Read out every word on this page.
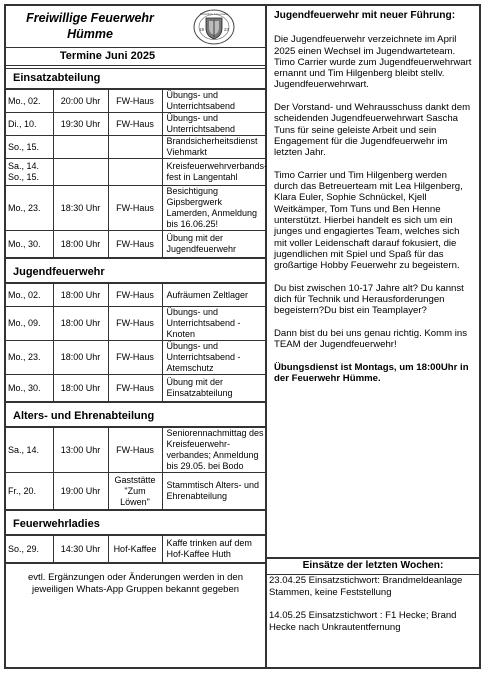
Freiwillige Feuerwehr
Hümme	19	23
Freiwillige Feuerwehr
Termine Juni 2025
Einsatzabteilung
Mo., 02.	20:00 Uhr	FW-Haus	Übungs- und Unterrichtsabend
Di., 10.	19:30 Uhr	FW-Haus	Übungs- und Unterrichtsabend
So., 15.			Brandsicherheitsdienst Viehmarkt
Sa., 14. So., 15.			Kreisfeuerwehrverbands-fest in Langentahl
Mo., 23.	18:30 Uhr	FW-Haus	Besichtigung Gipsbergwerk Lamerden, Anmeldung bis 16.06.25!
Mo., 30.	18:00 Uhr	FW-Haus	Übung mit der Jugendfeuerwehr
Jugendfeuerwehr
Mo., 02.	18:00 Uhr	FW-Haus	Aufräumen Zeltlager
Mo., 09.	18:00 Uhr	FW-Haus	Übungs- und Unterrichtsabend - Knoten
Mo., 23.	18:00 Uhr	FW-Haus	Übungs- und Unterrichtsabend - Atemschutz
Mo., 30.	18:00 Uhr	FW-Haus	Übung mit der Einsatzabteilung
Alters- und Ehrenabteilung
Sa., 14.	13:00 Uhr	FW-Haus	Seniorennachmittag des Kreisfeuerwehr-verbandes; Anmeldung bis 29.05. bei Bodo
Fr., 20.	19:00 Uhr	Gaststätte "Zum Löwen"	Stammtisch Alters- und Ehrenabteilung
Feuerwehrladies
So., 29.	14:30 Uhr	Hof-Kaffee	Kaffe trinken auf dem Hof-Kaffee Huth
evtl. Ergänzungen oder Änderungen werden in den jeweiligen Whats-App Gruppen bekannt gegeben
Jugendfeuerwehr mit neuer Führung:

Die Jugendfeuerwehr verzeichnete im April 2025 einen Wechsel im Jugendwarteteam. Timo Carrier wurde zum Jugendfeuerwehrwart ernannt und Tim Hilgenberg bleibt stellv. Jugendfeuerwehrwart.

Der Vorstand- und Wehrausschuss dankt dem scheidenden Jugendfeuerwehrwart Sascha Tuns für seine geleiste Arbeit und sein Engagement für die Jugendfeuerwehr im letzten Jahr.

Timo Carrier und Tim Hilgenberg werden durch das Betreuerteam mit Lea Hilgenberg, Klara Euler, Sophie Schnückel, Kjell Weitkämper, Tom Tuns und Ben Henne unterstützt. Hierbei handelt es sich um ein junges und engagiertes Team, welches sich mit voller Leidenschaft darauf fokusiert, die jugendlichen mit Spiel und Spaß für das großartige Hobby Feuerwehr zu begeistern.

Du bist zwischen 10-17 Jahre alt? Du kannst dich für Technik und Herausforderungen begeistern?Du bist ein Teamplayer?

Dann bist du bei uns genau richtig. Komm ins TEAM der Jugendfeuerwehr!

Übungsdienst ist Montags, um 18:00Uhr in der Feuerwehr Hümme.

Einsätze der letzten Wochen:
23.04.25 Einsatzstichwort: Brandmeldeanlage Stammen, keine Feststellung
14.05.25 Einsatzstichwort : F1 Hecke; Brand Hecke nach Unkrautentfernung
